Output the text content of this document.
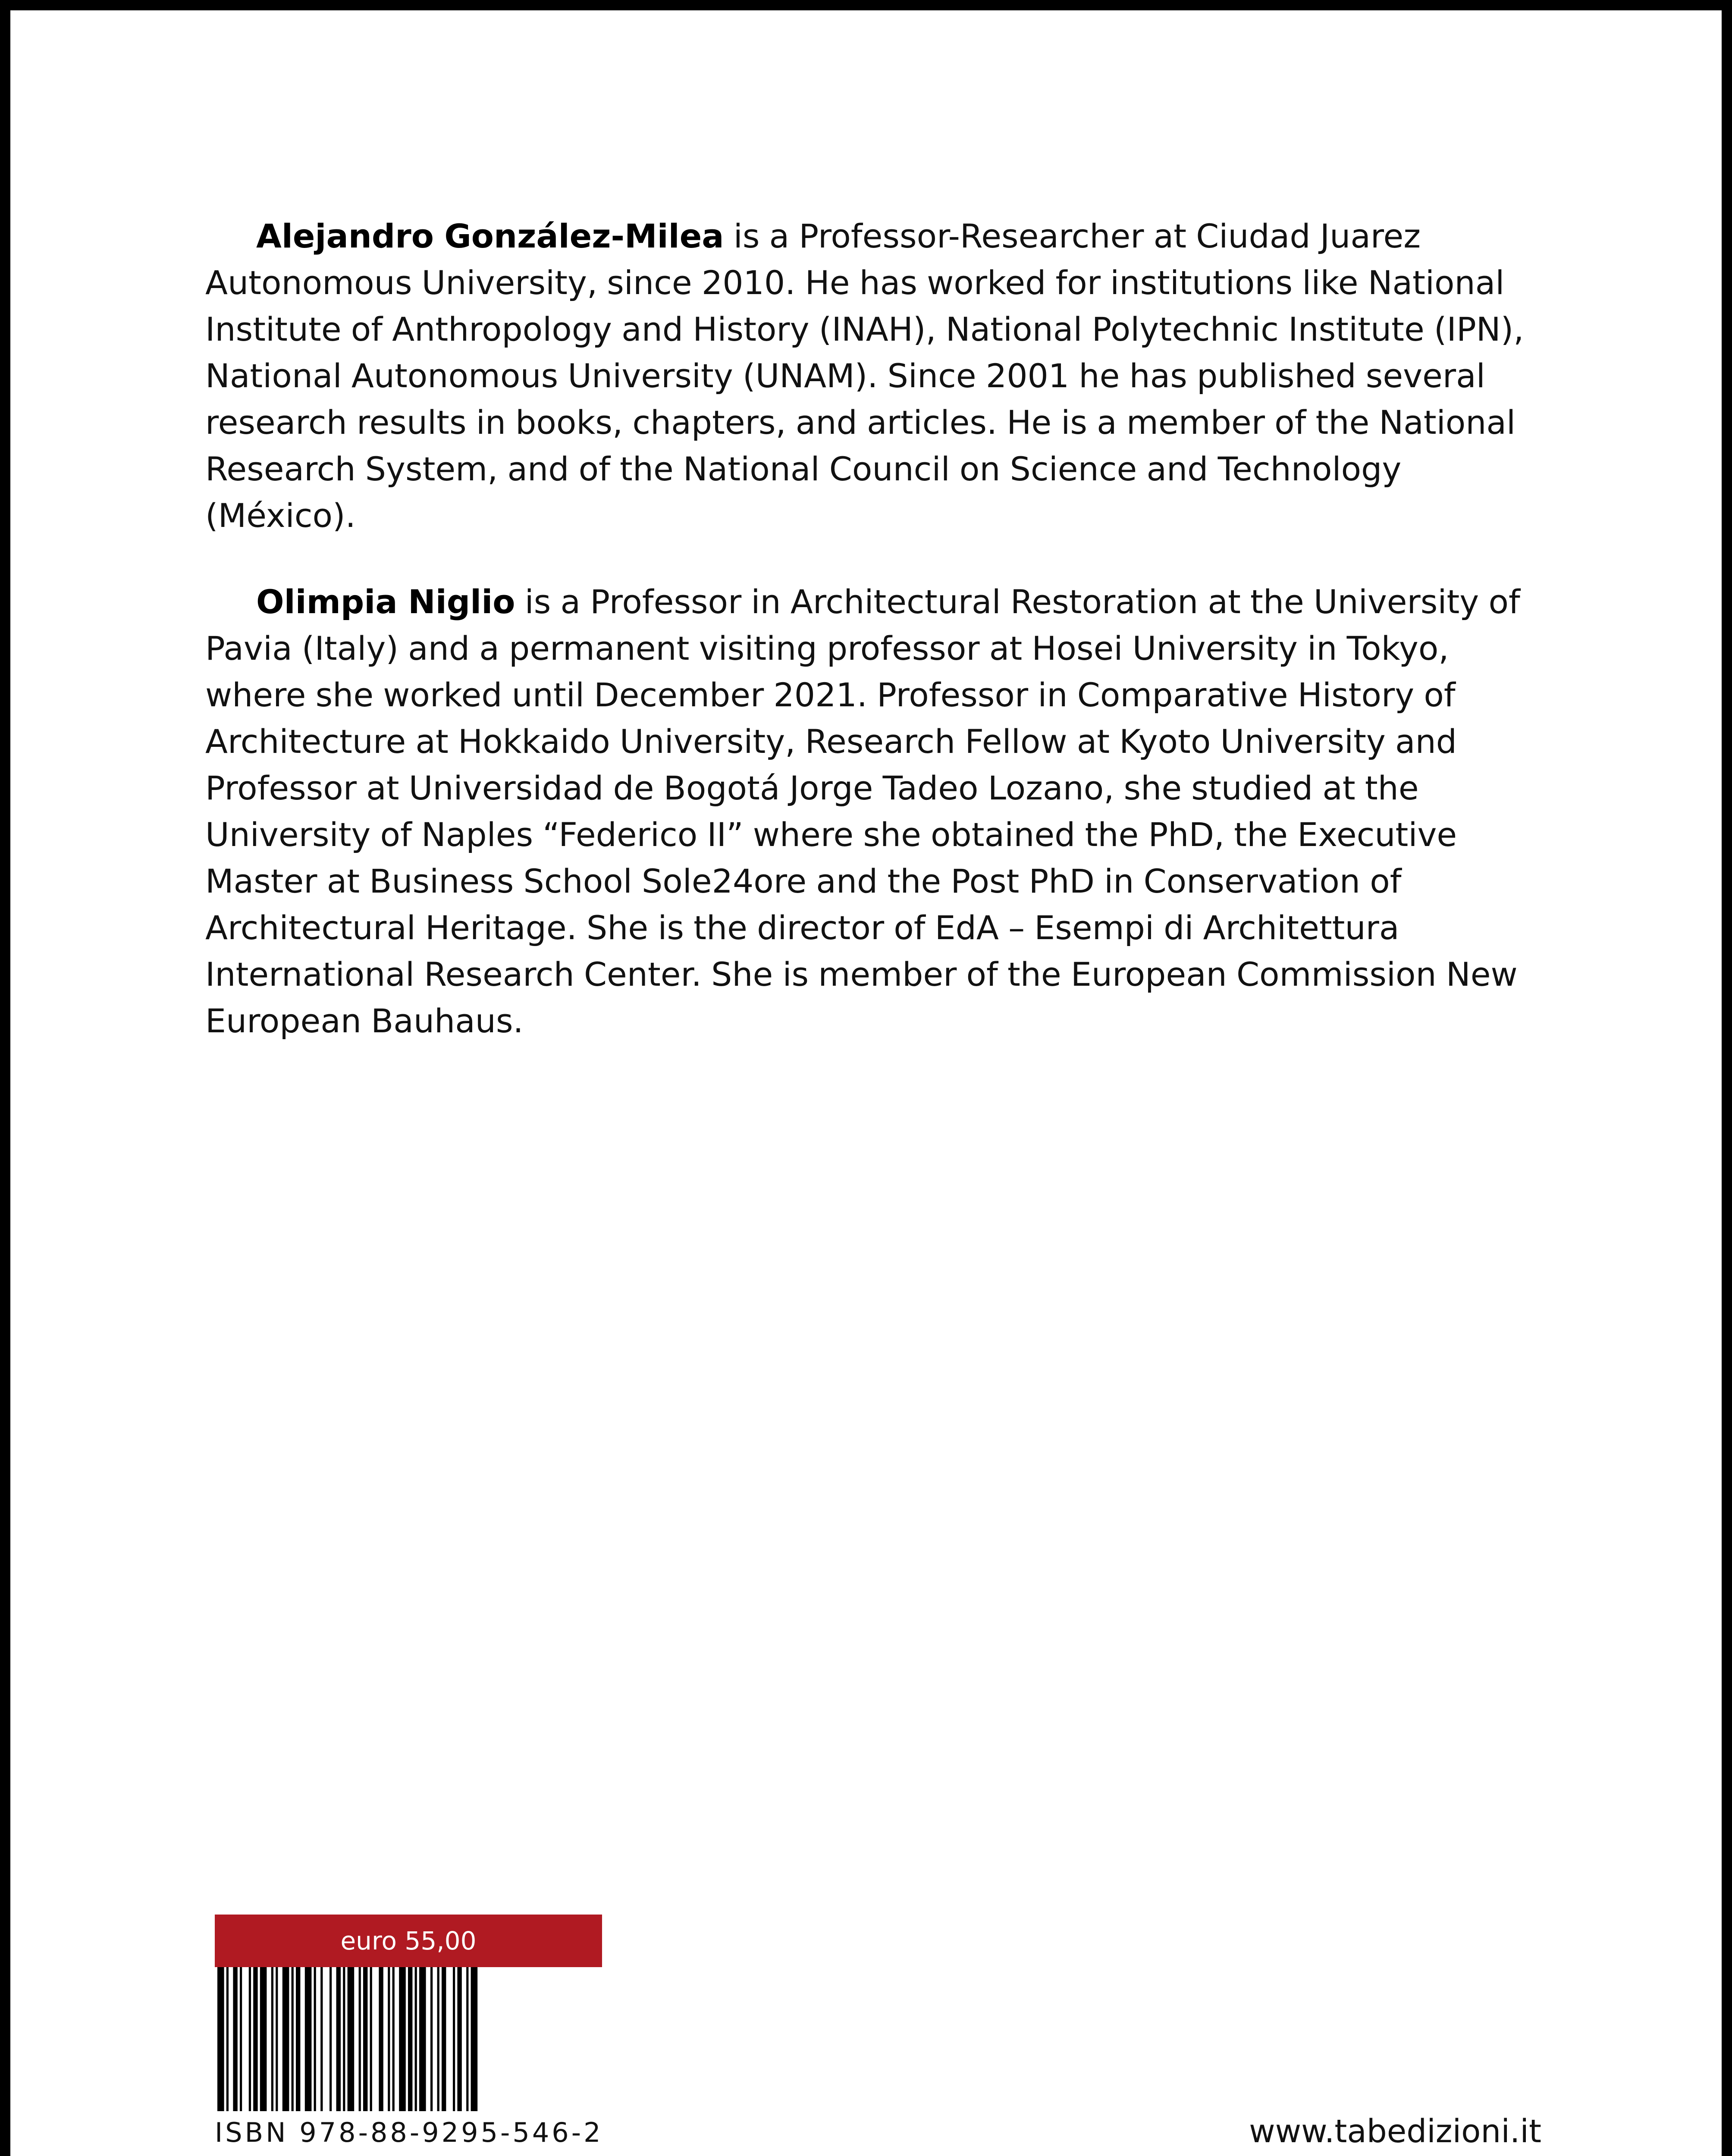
Alejandro González-Milea is a Professor-Researcher at Ciudad Juarez Autonomous University, since 2010. He has worked for institutions like National Institute of Anthropology and History (INAH), National Polytechnic Institute (IPN), National Autonomous University (UNAM). Since 2001 he has published several research results in books, chapters, and articles. He is a member of the National Research System, and of the National Council on Science and Technology (México).

Olimpia Niglio is a Professor in Architectural Restoration at the University of Pavia (Italy) and a permanent visiting professor at Hosei University in Tokyo, where she worked until December 2021. Professor in Comparative History of Architecture at Hokkaido University, Research Fellow at Kyoto University and Professor at Universidad de Bogotá Jorge Tadeo Lozano, she studied at the University of Naples “Federico II” where she obtained the PhD, the Executive Master at Business School Sole24ore and the Post PhD in Conservation of Architectural Heritage. She is the director of EdA – Esempi di Architettura International Research Center. She is member of the European Commission New European Bauhaus.

euro 55,00
ISBN 978-88-9295-546-2	www.tabedizioni.it
